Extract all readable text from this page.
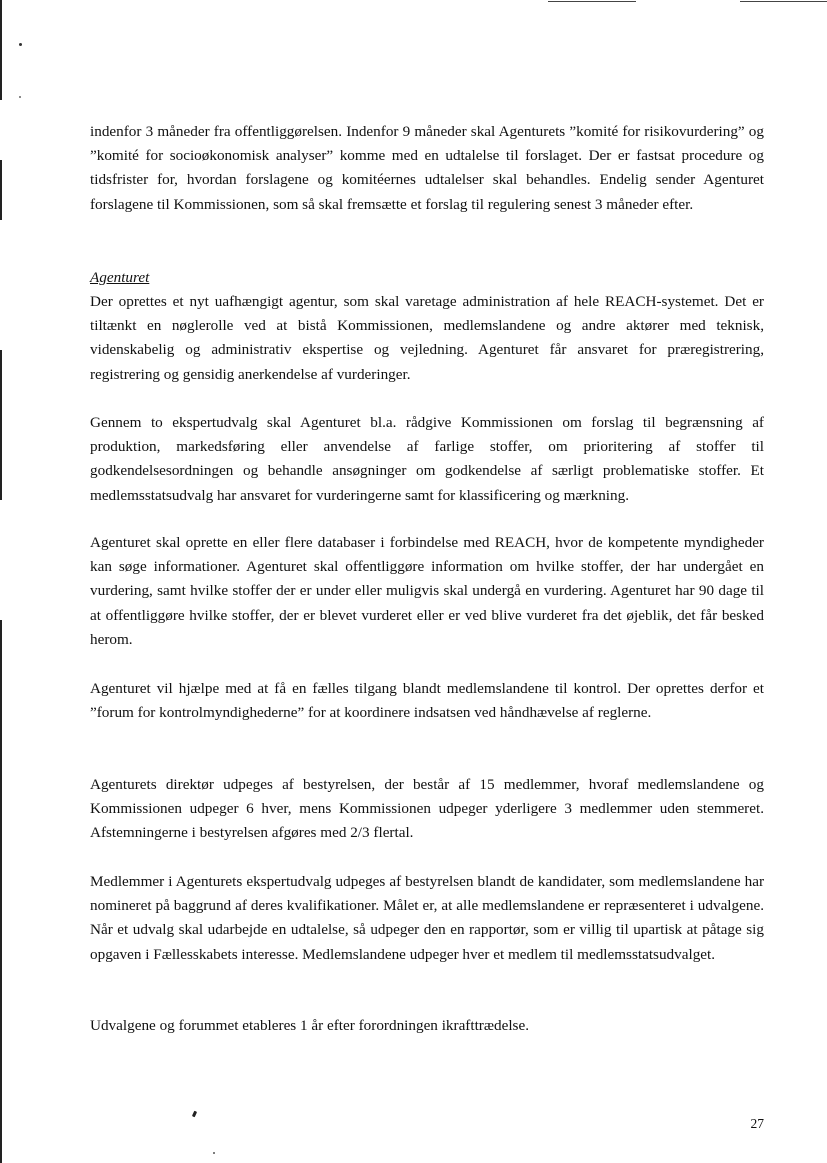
indenfor 3 måneder fra offentliggørelsen. Indenfor 9 måneder skal Agenturets ”komité for risikovurdering” og ”komité for socioøkonomisk analyser” komme med en udtalelse til forslaget. Der er fastsat procedure og tidsfrister for, hvordan forslagene og komitéernes udtalelser skal behandles. Endelig sender Agenturet forslagene til Kommissionen, som så skal fremsætte et forslag til regulering senest 3 måneder efter.

Agenturet

Der oprettes et nyt uafhængigt agentur, som skal varetage administration af hele REACH-systemet. Det er tiltænkt en nøglerolle ved at bistå Kommissionen, medlemslandene og andre aktører med teknisk, videnskabelig og administrativ ekspertise og vejledning. Agenturet får ansvaret for præregistrering, registrering og gensidig anerkendelse af vurderinger.

Gennem to ekspertudvalg skal Agenturet bl.a. rådgive Kommissionen om forslag til begrænsning af produktion, markedsføring eller anvendelse af farlige stoffer, om prioritering af stoffer til godkendelsesordningen og behandle ansøgninger om godkendelse af særligt problematiske stoffer. Et medlemsstatsudvalg har ansvaret for vurderingerne samt for klassificering og mærkning.

Agenturet skal oprette en eller flere databaser i forbindelse med REACH, hvor de kompetente myndigheder kan søge informationer. Agenturet skal offentliggøre information om hvilke stoffer, der har undergået en vurdering, samt hvilke stoffer der er under eller muligvis skal undergå en vurdering. Agenturet har 90 dage til at offentliggøre hvilke stoffer, der er blevet vurderet eller er ved blive vurderet fra det øjeblik, det får besked herom.

Agenturet vil hjælpe med at få en fælles tilgang blandt medlemslandene til kontrol. Der oprettes derfor et ”forum for kontrolmyndighederne” for at koordinere indsatsen ved håndhævelse af reglerne.

Agenturets direktør udpeges af bestyrelsen, der består af 15 medlemmer, hvoraf medlemslandene og Kommissionen udpeger 6 hver, mens Kommissionen udpeger yderligere 3 medlemmer uden stemmeret. Afstemningerne i bestyrelsen afgøres med 2/3 flertal.

Medlemmer i Agenturets ekspertudvalg udpeges af bestyrelsen blandt de kandidater, som medlemslandene har nomineret på baggrund af deres kvalifikationer. Målet er, at alle medlemslandene er repræsenteret i udvalgene. Når et udvalg skal udarbejde en udtalelse, så udpeger den en rapportør, som er villig til upartisk at påtage sig opgaven i Fællesskabets interesse. Medlemslandene udpeger hver et medlem til medlemsstatsudvalget.

Udvalgene og forummet etableres 1 år efter forordningen ikrafttrædelse.

27
